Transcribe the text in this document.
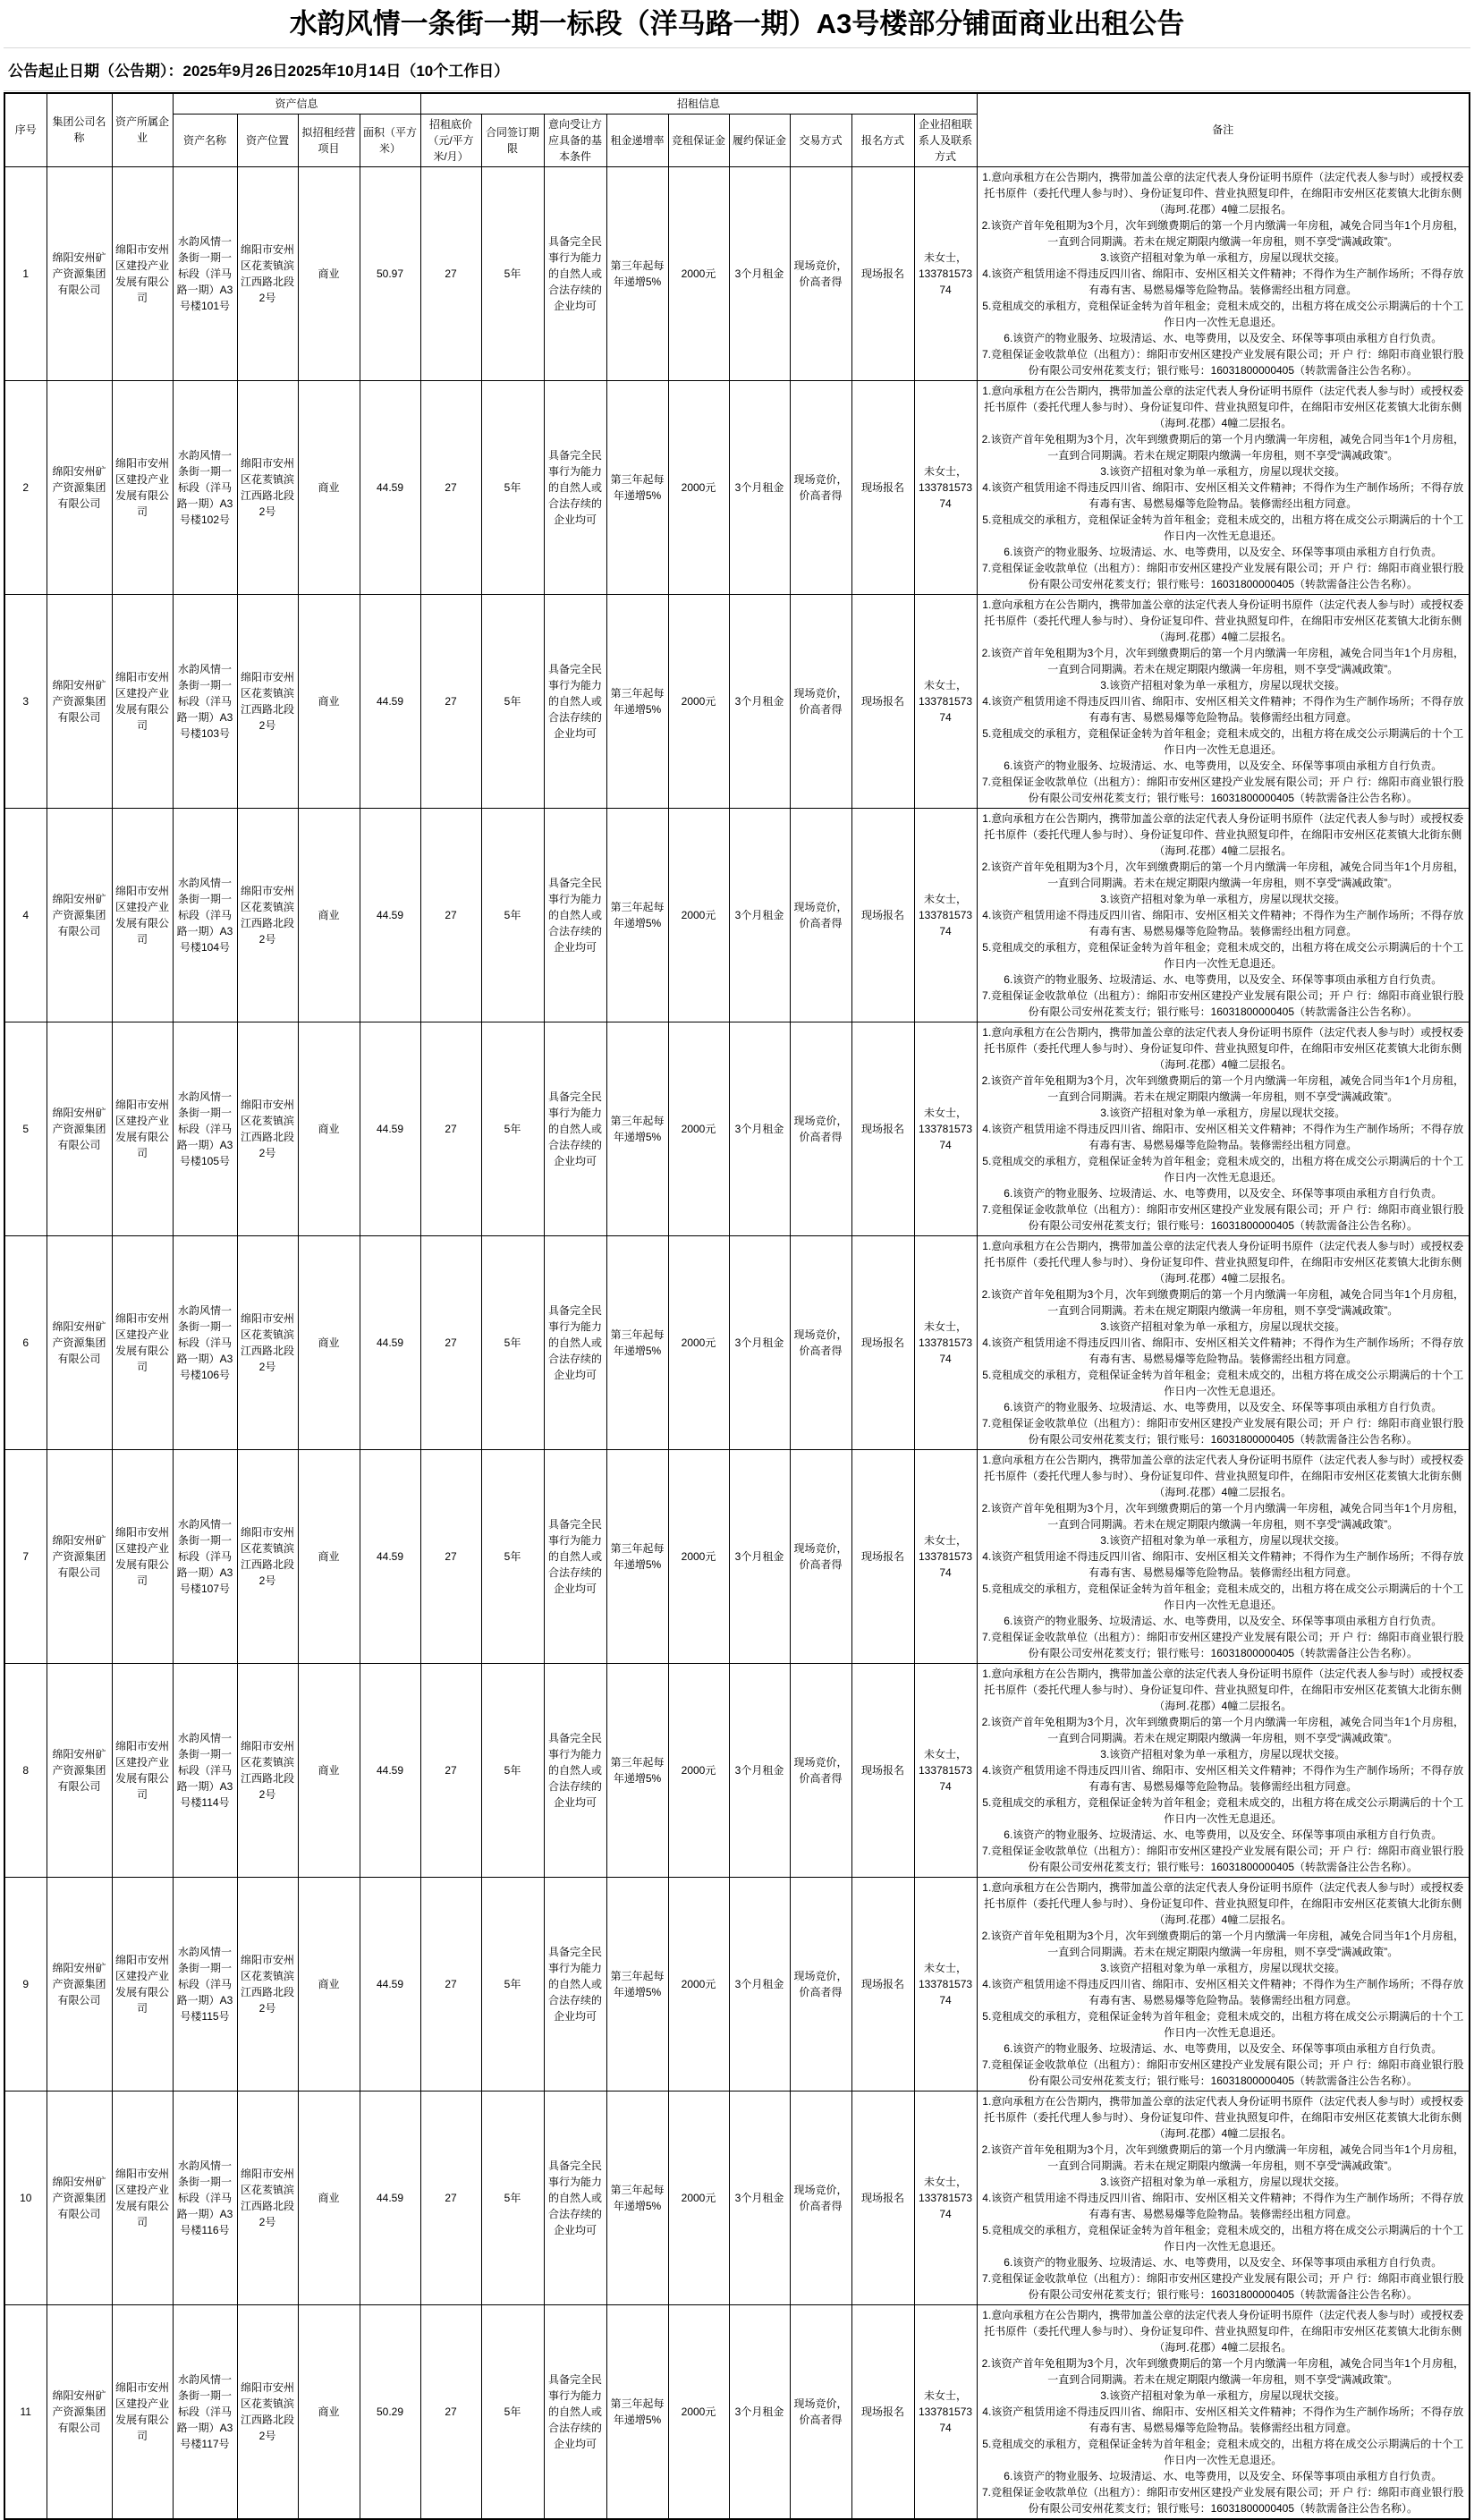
水韵风情一条街一期一标段（洋马路一期）A3号楼部分铺面商业出租公告
公告起止日期（公告期）：2025年9月26日2025年10月14日（10个工作日）
序号	集团公司名称	资产所属企业	资产信息				招租信息									备注
			资产名称	资产位置	拟招租经营项目	面积（平方米）	招租底价（元/平方米/月）	合同签订期限	意向受让方应具备的基本条件	租金递增率	竞租保证金	履约保证金	交易方式	报名方式	企业招租联系人及联系方式	
1	绵阳安州矿产资源集团有限公司	绵阳市安州区建投产业发展有限公司	水韵风情一条街一期一标段（洋马路一期）A3号楼101号	绵阳市安州区花荄镇滨江西路北段2号	商业	50.97	27	5年	具备完全民事行为能力的自然人或合法存续的企业均可	第三年起每年递增5%	2000元	3个月租金	现场竞价，价高者得	现场报名	未女士，13378157374	
1.意向承租方在公告期内，携带加盖公章的法定代表人身份证明书原件（法定代表人参与时）或授权委托书原件（委托代理人参与时）、身份证复印件、营业执照复印件，在绵阳市安州区花荄镇大北街东侧（海珂.花郡）4幢二层报名。
2.该资产首年免租期为3个月，次年到缴费期后的第一个月内缴满一年房租，减免合同当年1个月房租，一直到合同期满。若未在规定期限内缴满一年房租，则不享受“满减政策”。
3.该资产招租对象为单一承租方，房屋以现状交接。
4.该资产租赁用途不得违反四川省、绵阳市、安州区相关文件精神；不得作为生产制作场所；不得存放有毒有害、易燃易爆等危险物品。装修需经出租方同意。
5.竞租成交的承租方，竞租保证金转为首年租金；竞租未成交的，出租方将在成交公示期满后的十个工作日内一次性无息退还。
6.该资产的物业服务、垃圾清运、水、电等费用，以及安全、环保等事项由承租方自行负责。
7.竞租保证金收款单位（出租方）：绵阳市安州区建投产业发展有限公司；开 户 行：绵阳市商业银行股份有限公司安州花荄支行；银行账号：16031800000405（转款需备注公告名称）。

2	绵阳安州矿产资源集团有限公司	绵阳市安州区建投产业发展有限公司	水韵风情一条街一期一标段（洋马路一期）A3号楼102号	绵阳市安州区花荄镇滨江西路北段2号	商业	44.59	27	5年	具备完全民事行为能力的自然人或合法存续的企业均可	第三年起每年递增5%	2000元	3个月租金	现场竞价，价高者得	现场报名	未女士，13378157374	
1.意向承租方在公告期内，携带加盖公章的法定代表人身份证明书原件（法定代表人参与时）或授权委托书原件（委托代理人参与时）、身份证复印件、营业执照复印件，在绵阳市安州区花荄镇大北街东侧（海珂.花郡）4幢二层报名。
2.该资产首年免租期为3个月，次年到缴费期后的第一个月内缴满一年房租，减免合同当年1个月房租，一直到合同期满。若未在规定期限内缴满一年房租，则不享受“满减政策”。
3.该资产招租对象为单一承租方，房屋以现状交接。
4.该资产租赁用途不得违反四川省、绵阳市、安州区相关文件精神；不得作为生产制作场所；不得存放有毒有害、易燃易爆等危险物品。装修需经出租方同意。
5.竞租成交的承租方，竞租保证金转为首年租金；竞租未成交的，出租方将在成交公示期满后的十个工作日内一次性无息退还。
6.该资产的物业服务、垃圾清运、水、电等费用，以及安全、环保等事项由承租方自行负责。
7.竞租保证金收款单位（出租方）：绵阳市安州区建投产业发展有限公司；开 户 行：绵阳市商业银行股份有限公司安州花荄支行；银行账号：16031800000405（转款需备注公告名称）。

3	绵阳安州矿产资源集团有限公司	绵阳市安州区建投产业发展有限公司	水韵风情一条街一期一标段（洋马路一期）A3号楼103号	绵阳市安州区花荄镇滨江西路北段2号	商业	44.59	27	5年	具备完全民事行为能力的自然人或合法存续的企业均可	第三年起每年递增5%	2000元	3个月租金	现场竞价，价高者得	现场报名	未女士，13378157374	
1.意向承租方在公告期内，携带加盖公章的法定代表人身份证明书原件（法定代表人参与时）或授权委托书原件（委托代理人参与时）、身份证复印件、营业执照复印件，在绵阳市安州区花荄镇大北街东侧（海珂.花郡）4幢二层报名。
2.该资产首年免租期为3个月，次年到缴费期后的第一个月内缴满一年房租，减免合同当年1个月房租，一直到合同期满。若未在规定期限内缴满一年房租，则不享受“满减政策”。
3.该资产招租对象为单一承租方，房屋以现状交接。
4.该资产租赁用途不得违反四川省、绵阳市、安州区相关文件精神；不得作为生产制作场所；不得存放有毒有害、易燃易爆等危险物品。装修需经出租方同意。
5.竞租成交的承租方，竞租保证金转为首年租金；竞租未成交的，出租方将在成交公示期满后的十个工作日内一次性无息退还。
6.该资产的物业服务、垃圾清运、水、电等费用，以及安全、环保等事项由承租方自行负责。
7.竞租保证金收款单位（出租方）：绵阳市安州区建投产业发展有限公司；开 户 行：绵阳市商业银行股份有限公司安州花荄支行；银行账号：16031800000405（转款需备注公告名称）。

4	绵阳安州矿产资源集团有限公司	绵阳市安州区建投产业发展有限公司	水韵风情一条街一期一标段（洋马路一期）A3号楼104号	绵阳市安州区花荄镇滨江西路北段2号	商业	44.59	27	5年	具备完全民事行为能力的自然人或合法存续的企业均可	第三年起每年递增5%	2000元	3个月租金	现场竞价，价高者得	现场报名	未女士，13378157374	
1.意向承租方在公告期内，携带加盖公章的法定代表人身份证明书原件（法定代表人参与时）或授权委托书原件（委托代理人参与时）、身份证复印件、营业执照复印件，在绵阳市安州区花荄镇大北街东侧（海珂.花郡）4幢二层报名。
2.该资产首年免租期为3个月，次年到缴费期后的第一个月内缴满一年房租，减免合同当年1个月房租，一直到合同期满。若未在规定期限内缴满一年房租，则不享受“满减政策”。
3.该资产招租对象为单一承租方，房屋以现状交接。
4.该资产租赁用途不得违反四川省、绵阳市、安州区相关文件精神；不得作为生产制作场所；不得存放有毒有害、易燃易爆等危险物品。装修需经出租方同意。
5.竞租成交的承租方，竞租保证金转为首年租金；竞租未成交的，出租方将在成交公示期满后的十个工作日内一次性无息退还。
6.该资产的物业服务、垃圾清运、水、电等费用，以及安全、环保等事项由承租方自行负责。
7.竞租保证金收款单位（出租方）：绵阳市安州区建投产业发展有限公司；开 户 行：绵阳市商业银行股份有限公司安州花荄支行；银行账号：16031800000405（转款需备注公告名称）。

5	绵阳安州矿产资源集团有限公司	绵阳市安州区建投产业发展有限公司	水韵风情一条街一期一标段（洋马路一期）A3号楼105号	绵阳市安州区花荄镇滨江西路北段2号	商业	44.59	27	5年	具备完全民事行为能力的自然人或合法存续的企业均可	第三年起每年递增5%	2000元	3个月租金	现场竞价，价高者得	现场报名	未女士，13378157374	
1.意向承租方在公告期内，携带加盖公章的法定代表人身份证明书原件（法定代表人参与时）或授权委托书原件（委托代理人参与时）、身份证复印件、营业执照复印件，在绵阳市安州区花荄镇大北街东侧（海珂.花郡）4幢二层报名。
2.该资产首年免租期为3个月，次年到缴费期后的第一个月内缴满一年房租，减免合同当年1个月房租，一直到合同期满。若未在规定期限内缴满一年房租，则不享受“满减政策”。
3.该资产招租对象为单一承租方，房屋以现状交接。
4.该资产租赁用途不得违反四川省、绵阳市、安州区相关文件精神；不得作为生产制作场所；不得存放有毒有害、易燃易爆等危险物品。装修需经出租方同意。
5.竞租成交的承租方，竞租保证金转为首年租金；竞租未成交的，出租方将在成交公示期满后的十个工作日内一次性无息退还。
6.该资产的物业服务、垃圾清运、水、电等费用，以及安全、环保等事项由承租方自行负责。
7.竞租保证金收款单位（出租方）：绵阳市安州区建投产业发展有限公司；开 户 行：绵阳市商业银行股份有限公司安州花荄支行；银行账号：16031800000405（转款需备注公告名称）。

6	绵阳安州矿产资源集团有限公司	绵阳市安州区建投产业发展有限公司	水韵风情一条街一期一标段（洋马路一期）A3号楼106号	绵阳市安州区花荄镇滨江西路北段2号	商业	44.59	27	5年	具备完全民事行为能力的自然人或合法存续的企业均可	第三年起每年递增5%	2000元	3个月租金	现场竞价，价高者得	现场报名	未女士，13378157374	
1.意向承租方在公告期内，携带加盖公章的法定代表人身份证明书原件（法定代表人参与时）或授权委托书原件（委托代理人参与时）、身份证复印件、营业执照复印件，在绵阳市安州区花荄镇大北街东侧（海珂.花郡）4幢二层报名。
2.该资产首年免租期为3个月，次年到缴费期后的第一个月内缴满一年房租，减免合同当年1个月房租，一直到合同期满。若未在规定期限内缴满一年房租，则不享受“满减政策”。
3.该资产招租对象为单一承租方，房屋以现状交接。
4.该资产租赁用途不得违反四川省、绵阳市、安州区相关文件精神；不得作为生产制作场所；不得存放有毒有害、易燃易爆等危险物品。装修需经出租方同意。
5.竞租成交的承租方，竞租保证金转为首年租金；竞租未成交的，出租方将在成交公示期满后的十个工作日内一次性无息退还。
6.该资产的物业服务、垃圾清运、水、电等费用，以及安全、环保等事项由承租方自行负责。
7.竞租保证金收款单位（出租方）：绵阳市安州区建投产业发展有限公司；开 户 行：绵阳市商业银行股份有限公司安州花荄支行；银行账号：16031800000405（转款需备注公告名称）。

7	绵阳安州矿产资源集团有限公司	绵阳市安州区建投产业发展有限公司	水韵风情一条街一期一标段（洋马路一期）A3号楼107号	绵阳市安州区花荄镇滨江西路北段2号	商业	44.59	27	5年	具备完全民事行为能力的自然人或合法存续的企业均可	第三年起每年递增5%	2000元	3个月租金	现场竞价，价高者得	现场报名	未女士，13378157374	
1.意向承租方在公告期内，携带加盖公章的法定代表人身份证明书原件（法定代表人参与时）或授权委托书原件（委托代理人参与时）、身份证复印件、营业执照复印件，在绵阳市安州区花荄镇大北街东侧（海珂.花郡）4幢二层报名。
2.该资产首年免租期为3个月，次年到缴费期后的第一个月内缴满一年房租，减免合同当年1个月房租，一直到合同期满。若未在规定期限内缴满一年房租，则不享受“满减政策”。
3.该资产招租对象为单一承租方，房屋以现状交接。
4.该资产租赁用途不得违反四川省、绵阳市、安州区相关文件精神；不得作为生产制作场所；不得存放有毒有害、易燃易爆等危险物品。装修需经出租方同意。
5.竞租成交的承租方，竞租保证金转为首年租金；竞租未成交的，出租方将在成交公示期满后的十个工作日内一次性无息退还。
6.该资产的物业服务、垃圾清运、水、电等费用，以及安全、环保等事项由承租方自行负责。
7.竞租保证金收款单位（出租方）：绵阳市安州区建投产业发展有限公司；开 户 行：绵阳市商业银行股份有限公司安州花荄支行；银行账号：16031800000405（转款需备注公告名称）。

8	绵阳安州矿产资源集团有限公司	绵阳市安州区建投产业发展有限公司	水韵风情一条街一期一标段（洋马路一期）A3号楼114号	绵阳市安州区花荄镇滨江西路北段2号	商业	44.59	27	5年	具备完全民事行为能力的自然人或合法存续的企业均可	第三年起每年递增5%	2000元	3个月租金	现场竞价，价高者得	现场报名	未女士，13378157374	
1.意向承租方在公告期内，携带加盖公章的法定代表人身份证明书原件（法定代表人参与时）或授权委托书原件（委托代理人参与时）、身份证复印件、营业执照复印件，在绵阳市安州区花荄镇大北街东侧（海珂.花郡）4幢二层报名。
2.该资产首年免租期为3个月，次年到缴费期后的第一个月内缴满一年房租，减免合同当年1个月房租，一直到合同期满。若未在规定期限内缴满一年房租，则不享受“满减政策”。
3.该资产招租对象为单一承租方，房屋以现状交接。
4.该资产租赁用途不得违反四川省、绵阳市、安州区相关文件精神；不得作为生产制作场所；不得存放有毒有害、易燃易爆等危险物品。装修需经出租方同意。
5.竞租成交的承租方，竞租保证金转为首年租金；竞租未成交的，出租方将在成交公示期满后的十个工作日内一次性无息退还。
6.该资产的物业服务、垃圾清运、水、电等费用，以及安全、环保等事项由承租方自行负责。
7.竞租保证金收款单位（出租方）：绵阳市安州区建投产业发展有限公司；开 户 行：绵阳市商业银行股份有限公司安州花荄支行；银行账号：16031800000405（转款需备注公告名称）。

9	绵阳安州矿产资源集团有限公司	绵阳市安州区建投产业发展有限公司	水韵风情一条街一期一标段（洋马路一期）A3号楼115号	绵阳市安州区花荄镇滨江西路北段2号	商业	44.59	27	5年	具备完全民事行为能力的自然人或合法存续的企业均可	第三年起每年递增5%	2000元	3个月租金	现场竞价，价高者得	现场报名	未女士，13378157374	
1.意向承租方在公告期内，携带加盖公章的法定代表人身份证明书原件（法定代表人参与时）或授权委托书原件（委托代理人参与时）、身份证复印件、营业执照复印件，在绵阳市安州区花荄镇大北街东侧（海珂.花郡）4幢二层报名。
2.该资产首年免租期为3个月，次年到缴费期后的第一个月内缴满一年房租，减免合同当年1个月房租，一直到合同期满。若未在规定期限内缴满一年房租，则不享受“满减政策”。
3.该资产招租对象为单一承租方，房屋以现状交接。
4.该资产租赁用途不得违反四川省、绵阳市、安州区相关文件精神；不得作为生产制作场所；不得存放有毒有害、易燃易爆等危险物品。装修需经出租方同意。
5.竞租成交的承租方，竞租保证金转为首年租金；竞租未成交的，出租方将在成交公示期满后的十个工作日内一次性无息退还。
6.该资产的物业服务、垃圾清运、水、电等费用，以及安全、环保等事项由承租方自行负责。
7.竞租保证金收款单位（出租方）：绵阳市安州区建投产业发展有限公司；开 户 行：绵阳市商业银行股份有限公司安州花荄支行；银行账号：16031800000405（转款需备注公告名称）。

10	绵阳安州矿产资源集团有限公司	绵阳市安州区建投产业发展有限公司	水韵风情一条街一期一标段（洋马路一期）A3号楼116号	绵阳市安州区花荄镇滨江西路北段2号	商业	44.59	27	5年	具备完全民事行为能力的自然人或合法存续的企业均可	第三年起每年递增5%	2000元	3个月租金	现场竞价，价高者得	现场报名	未女士，13378157374	
1.意向承租方在公告期内，携带加盖公章的法定代表人身份证明书原件（法定代表人参与时）或授权委托书原件（委托代理人参与时）、身份证复印件、营业执照复印件，在绵阳市安州区花荄镇大北街东侧（海珂.花郡）4幢二层报名。
2.该资产首年免租期为3个月，次年到缴费期后的第一个月内缴满一年房租，减免合同当年1个月房租，一直到合同期满。若未在规定期限内缴满一年房租，则不享受“满减政策”。
3.该资产招租对象为单一承租方，房屋以现状交接。
4.该资产租赁用途不得违反四川省、绵阳市、安州区相关文件精神；不得作为生产制作场所；不得存放有毒有害、易燃易爆等危险物品。装修需经出租方同意。
5.竞租成交的承租方，竞租保证金转为首年租金；竞租未成交的，出租方将在成交公示期满后的十个工作日内一次性无息退还。
6.该资产的物业服务、垃圾清运、水、电等费用，以及安全、环保等事项由承租方自行负责。
7.竞租保证金收款单位（出租方）：绵阳市安州区建投产业发展有限公司；开 户 行：绵阳市商业银行股份有限公司安州花荄支行；银行账号：16031800000405（转款需备注公告名称）。

11	绵阳安州矿产资源集团有限公司	绵阳市安州区建投产业发展有限公司	水韵风情一条街一期一标段（洋马路一期）A3号楼117号	绵阳市安州区花荄镇滨江西路北段2号	商业	50.29	27	5年	具备完全民事行为能力的自然人或合法存续的企业均可	第三年起每年递增5%	2000元	3个月租金	现场竞价，价高者得	现场报名	未女士，13378157374	
1.意向承租方在公告期内，携带加盖公章的法定代表人身份证明书原件（法定代表人参与时）或授权委托书原件（委托代理人参与时）、身份证复印件、营业执照复印件，在绵阳市安州区花荄镇大北街东侧（海珂.花郡）4幢二层报名。
2.该资产首年免租期为3个月，次年到缴费期后的第一个月内缴满一年房租，减免合同当年1个月房租，一直到合同期满。若未在规定期限内缴满一年房租，则不享受“满减政策”。
3.该资产招租对象为单一承租方，房屋以现状交接。
4.该资产租赁用途不得违反四川省、绵阳市、安州区相关文件精神；不得作为生产制作场所；不得存放有毒有害、易燃易爆等危险物品。装修需经出租方同意。
5.竞租成交的承租方，竞租保证金转为首年租金；竞租未成交的，出租方将在成交公示期满后的十个工作日内一次性无息退还。
6.该资产的物业服务、垃圾清运、水、电等费用，以及安全、环保等事项由承租方自行负责。
7.竞租保证金收款单位（出租方）：绵阳市安州区建投产业发展有限公司；开 户 行：绵阳市商业银行股份有限公司安州花荄支行；银行账号：16031800000405（转款需备注公告名称）。
